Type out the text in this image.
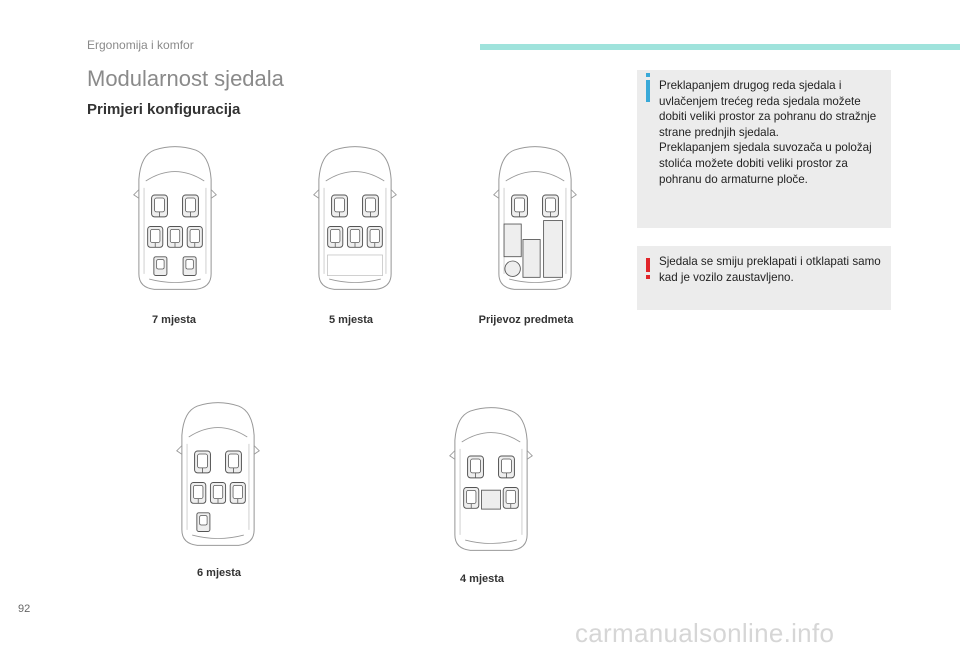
Ergonomija i komfor
Modularnost sjedala
Primjeri konfiguracija
7 mjesta	5 mjesta	Prijevoz predmeta
6 mjesta	4 mjesta

Preklapanjem drugog reda sjedala i uvlačenjem trećeg reda sjedala možete dobiti veliki prostor za pohranu do stražnje strane prednjih sjedala.

Preklapanjem sjedala suvozača u položaj stolića možete dobiti veliki prostor za pohranu do armaturne ploče.

Sjedala se smiju preklapati i otklapati samo kad je vozilo zaustavljeno.
92
carmanualsonline.info
